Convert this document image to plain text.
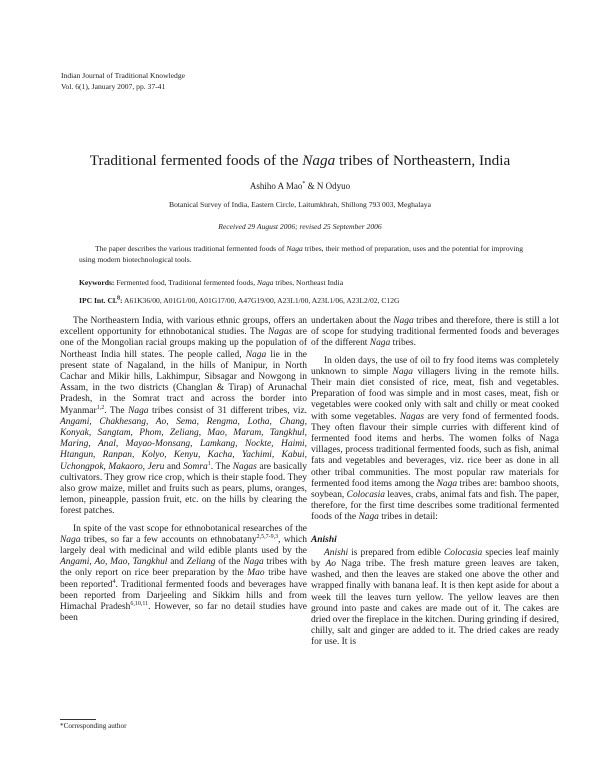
Indian Journal of Traditional Knowledge
Vol. 6(1), January 2007, pp. 37-41
Traditional fermented foods of the Naga tribes of Northeastern, India
Ashiho A Mao* & N Odyuo
Botanical Survey of India, Eastern Circle, Laitumkhrah, Shillong 793 003, Meghalaya
Received 29 August 2006; revised 25 September 2006
The paper describes the various traditional fermented foods of Naga tribes, their method of preparation, uses and the potential for improving using modern biotechnological tools.
Keywords: Fermented food, Traditional fermented foods, Naga tribes, Northeast India
IPC Int. Cl.$^8$: A61K36/00, A01G1/00, A01G17/00, A47G19/00, A23L1/00, A23L1/06, A23L2/02, C12G

The Northeastern India, with various ethnic groups, offers an excellent opportunity for ethnobotanical studies. The Nagas are one of the Mongolian racial groups making up the population of Northeast India hill states. The people called, Naga lie in the present state of Nagaland, in the hills of Manipur, in North Cachar and Mikir hills, Lakhimpur, Sibsagar and Nowgong in Assam, in the two districts (Changlan & Tirap) of Arunachal Pradesh, in the Somrat tract and across the border into Myanmar$^{1,2}$. The Naga tribes consist of 31 different tribes, viz. Angami, Chakhesang, Ao, Sema, Rengma, Lotha, Chang, Konyak, Sangtam, Phom, Zeliang, Mao, Maram, Tangkhul, Maring, Anal, Mayao-Monsang, Lamkang, Nockte, Haimi, Htangun, Ranpan, Kolyo, Kenyu, Kacha, Yachimi, Kabui, Uchongpok, Makaoro, Jeru and Somra$^1$. The Nagas are basically cultivators. They grow rice crop, which is their staple food. They also grow maize, millet and fruits such as pears, plums, oranges, lemon, pineapple, passion fruit, etc. on the hills by clearing the forest patches.

In spite of the vast scope for ethnobotanical researches of the Naga tribes, so far a few accounts on ethnobatany$^{2,5,7-9,3}$, which largely deal with medicinal and wild edible plants used by the Angami, Ao, Mao, Tangkhul and Zeliang of the Naga tribes with the only report on rice beer preparation by the Mao tribe have been reported$^4$. Traditional fermented foods and beverages have been reported from Darjeeling and Sikkim hills and from Himachal Pradesh$^{6,10,11}$. However, so far no detail studies have been

undertaken about the Naga tribes and therefore, there is still a lot of scope for studying traditional fermented foods and beverages of the different Naga tribes.

In olden days, the use of oil to fry food items was completely unknown to simple Naga villagers living in the remote hills. Their main diet consisted of rice, meat, fish and vegetables. Preparation of food was simple and in most cases, meat, fish or vegetables were cooked only with salt and chilly or meat cooked with some vegetables. Nagas are very fond of fermented foods. They often flavour their simple curries with different kind of fermented food items and herbs. The women folks of Naga villages, process traditional fermented foods, such as fish, animal fats and vegetables and beverages, viz. rice beer as done in all other tribal communities. The most popular raw materials for fermented food items among the Naga tribes are: bamboo shoots, soybean, Colocasia leaves, crabs, animal fats and fish. The paper, therefore, for the first time describes some traditional fermented foods of the Naga tribes in detail:

Anishi

Anishi is prepared from edible Colocasia species leaf mainly by Ao Naga tribe. The fresh mature green leaves are taken, washed, and then the leaves are staked one above the other and wrapped finally with banana leaf. It is then kept aside for about a week till the leaves turn yellow. The yellow leaves are then ground into paste and cakes are made out of it. The cakes are dried over the fireplace in the kitchen. During grinding if desired, chilly, salt and ginger are added to it. The dried cakes are ready for use. It is

*Corresponding author
